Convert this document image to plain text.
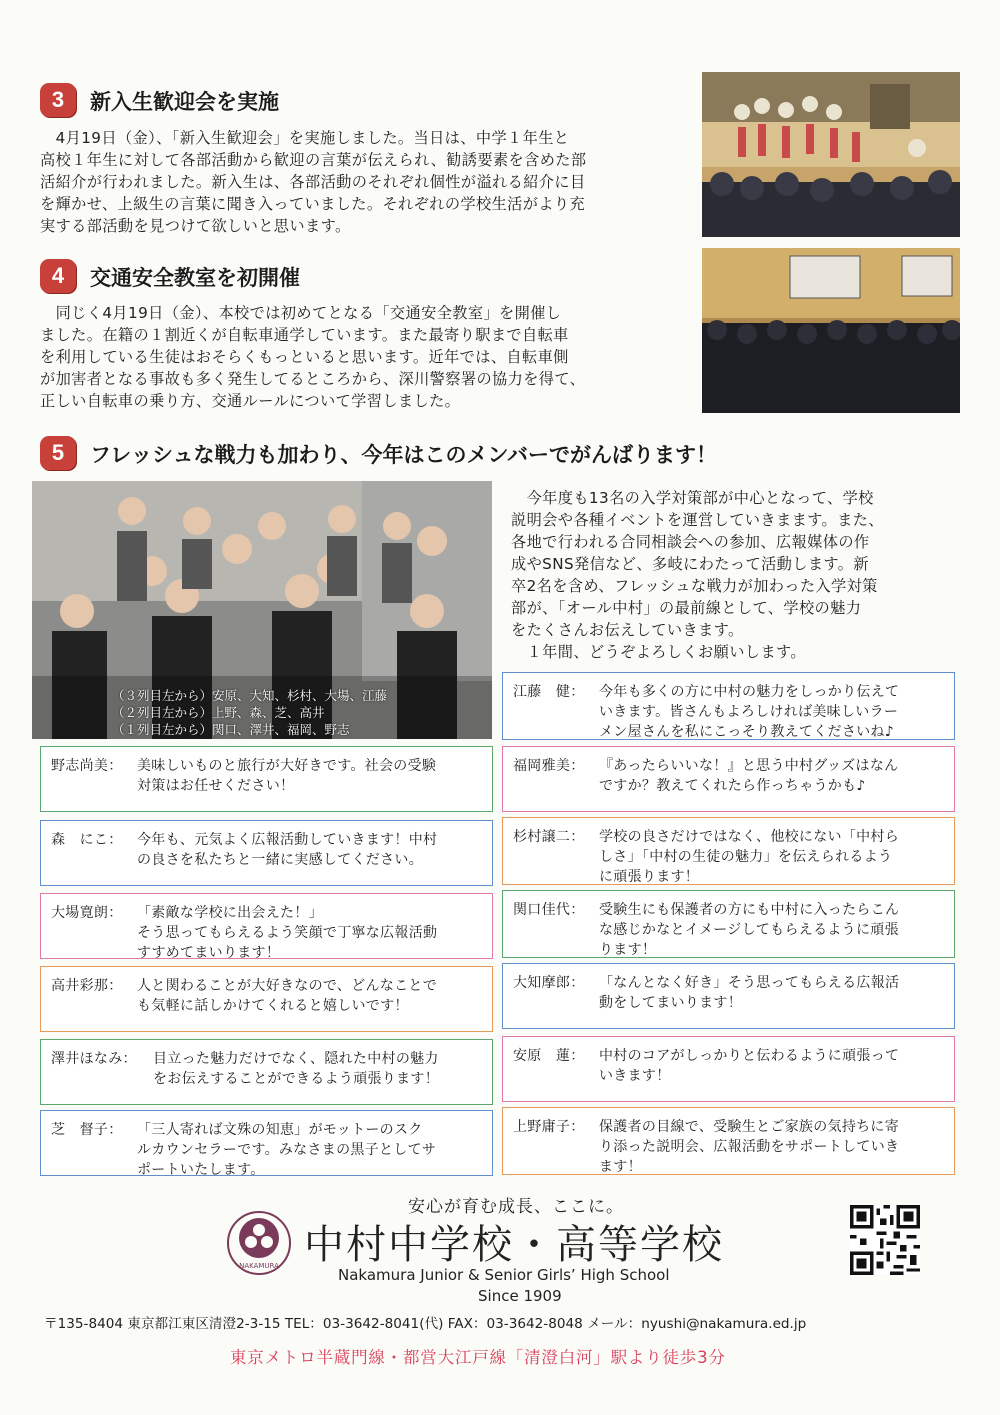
3	新入生歓迎会を実施
　4月19日（金）、「新入生歓迎会」を実施しました。当日は、中学１年生と
高校１年生に対して各部活動から歓迎の言葉が伝えられ、勧誘要素を含めた部
活紹介が行われました。新入生は、各部活動のそれぞれ個性が溢れる紹介に目
を輝かせ、上級生の言葉に聞き入っていました。それぞれの学校生活がより充
実する部活動を見つけて欲しいと思います。
4	交通安全教室を初開催
　同じく4月19日（金）、本校では初めてとなる「交通安全教室」を開催し
ました。在籍の１割近くが自転車通学しています。また最寄り駅まで自転車
を利用している生徒はおそらくもっといると思います。近年では、自転車側
が加害者となる事故も多く発生してるところから、深川警察署の協力を得て、
正しい自転車の乗り方、交通ルールについて学習しました。
5	フレッシュな戦力も加わり、今年はこのメンバーでがんばります！
（３列目左から）安原、大知、杉村、大場、江藤
（２列目左から）上野、森、芝、高井
（１列目左から）関口、澤井、福岡、野志
　今年度も13名の入学対策部が中心となって、学校
説明会や各種イベントを運営していきまます。また、
各地で行われる合同相談会への参加、広報媒体の作
成やSNS発信など、多岐にわたって活動します。新
卒2名を含め、フレッシュな戦力が加わった入学対策
部が、「オール中村」の最前線として、学校の魅力
をたくさんお伝えしていきます。
　１年間、どうぞよろしくお願いします。
野志尚美： 美味しいものと旅行が大好きです。社会の受験
対策はお任せください！
森　にこ： 今年も、元気よく広報活動していきます！中村
の良さを私たちと一緒に実感してください。
大場寛朗： 「素敵な学校に出会えた！」
そう思ってもらえるよう笑顔で丁寧な広報活動
すすめてまいります！
高井彩那： 人と関わることが大好きなので、どんなことで
も気軽に話しかけてくれると嬉しいです！
澤井ほなみ： 目立った魅力だけでなく、隠れた中村の魅力
をお伝えすることができるよう頑張ります！
芝　督子： 「三人寄れば文殊の知恵」がモットーのスク
ルカウンセラーです。みなさまの黒子としてサ
ポートいたします。
江藤　健： 今年も多くの方に中村の魅力をしっかり伝えて
いきます。皆さんもよろしければ美味しいラー
メン屋さんを私にこっそり教えてくださいね♪
福岡雅美： 『あったらいいな！』と思う中村グッズはなん
ですか？教えてくれたら作っちゃうかも♪
杉村譲二： 学校の良さだけではなく、他校にない「中村ら
しさ」「中村の生徒の魅力」を伝えられるよう
に頑張ります！
関口佳代： 受験生にも保護者の方にも中村に入ったらこん
な感じかなとイメージしてもらえるように頑張
ります！
大知摩郎： 「なんとなく好き」そう思ってもらえる広報活
動をしてまいります！
安原　蓮： 中村のコアがしっかりと伝わるように頑張って
いきます！
上野庸子： 保護者の目線で、受験生とご家族の気持ちに寄
り添った説明会、広報活動をサポートしていき
ます！
安心が育む成長、ここに。
NAKAMURA 中村中学校・高等学校
Nakamura Junior & Senior Girls’ High School
Since 1909
〒135-8404 東京都江東区清澄2-3-15 TEL：03-3642-8041(代) FAX：03-3642-8048 メール：nyushi@nakamura.ed.jp
東京メトロ半蔵門線・都営大江戸線「清澄白河」駅より徒歩3分
